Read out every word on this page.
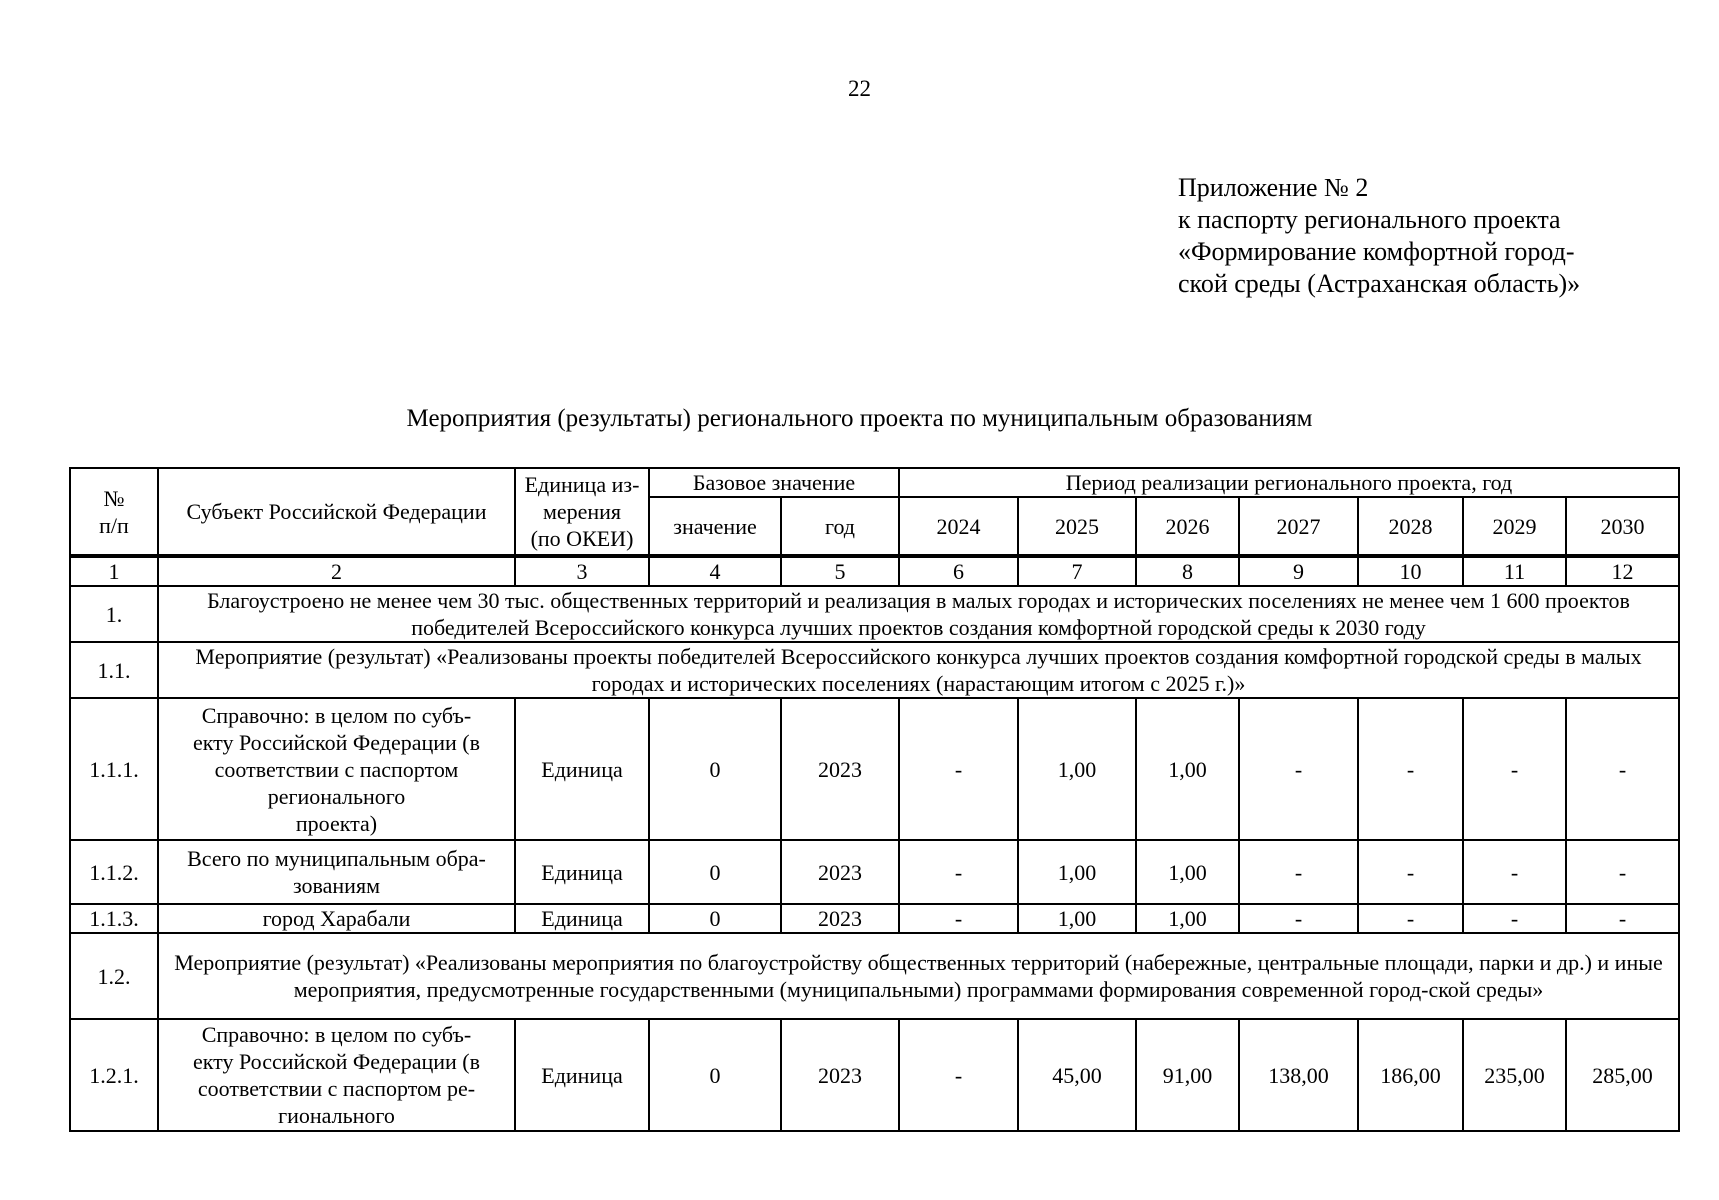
22
Приложение № 2
к паспорту регионального проекта
«Формирование комфортной город-
ской среды (Астраханская область)»
Мероприятия (результаты) регионального проекта по муниципальным образованиям
№
п/п	Субъект Российской Федерации	Единица из-
мерения
(по ОКЕИ)	Базовое значение		Период реализации регионального проекта, год						
			значение	год	2024	2025	2026	2027	2028	2029	2030
1	2	3	4	5	6	7	8	9	10	11	12
1.	Благоустроено не менее чем 30 тыс. общественных территорий и реализация в малых городах и исторических поселениях не менее чем 1 600 проектов победителей Всероссийского конкурса лучших проектов создания комфортной городской среды к 2030 году										
1.1.	Мероприятие (результат) «Реализованы проекты победителей Всероссийского конкурса лучших проектов создания комфортной городской среды в малых городах и исторических поселениях (нарастающим итогом с 2025 г.)»										
1.1.1.	Справочно: в целом по субъ-
екту Российской Федерации (в
соответствии с паспортом
регионального
проекта)	Единица	0	2023	-	1,00	1,00	-	-	-	-
1.1.2.	Всего по муниципальным обра-
зованиям	Единица	0	2023	-	1,00	1,00	-	-	-	-
1.1.3.	город Харабали	Единица	0	2023	-	1,00	1,00	-	-	-	-
1.2.	Мероприятие (результат) «Реализованы мероприятия по благоустройству общественных территорий (набережные, центральные площади, парки и др.) и иные мероприятия, предусмотренные государственными (муниципальными) программами формирования современной город-ской среды»										
1.2.1.	Справочно: в целом по субъ-
екту Российской Федерации (в
соответствии с паспортом ре-
гионального	Единица	0	2023	-	45,00	91,00	138,00	186,00	235,00	285,00
